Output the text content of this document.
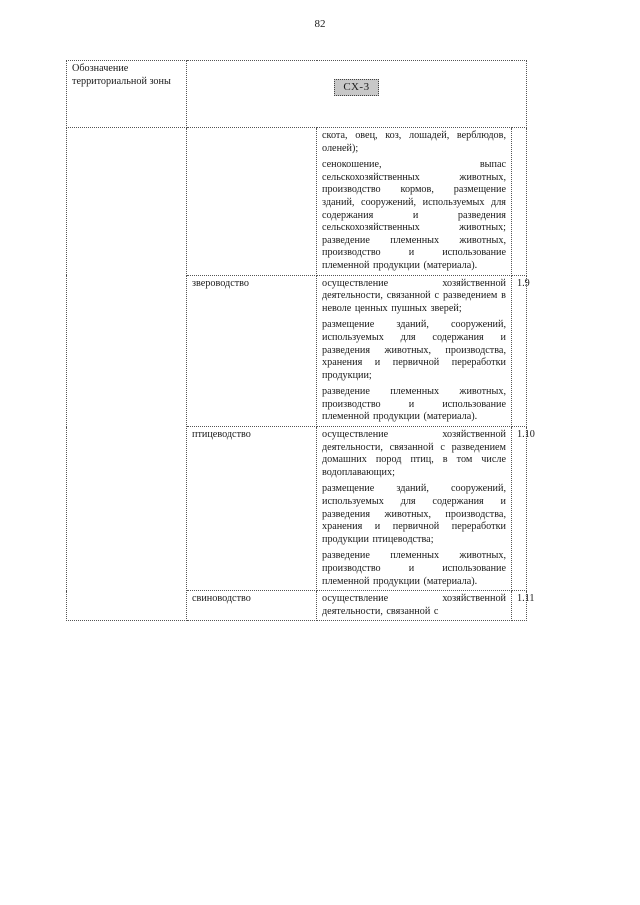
82
Обозначение территориальной зоны	СХ-3		

		скота, овец, коз, лошадей, верблюдов, оленей);

сенокошение, выпас сельскохозяйственных животных, производство кормов, размещение зданий, сооружений, используемых для содержания и разведения сельскохозяйственных животных; разведение племенных животных, производство и использование племенной продукции (материала).	

	звероводство	осуществление хозяйственной деятельности, связанной с разведением в неволе ценных пушных зверей;

размещение зданий, сооружений, используемых для содержания и разведения животных, производства, хранения и первичной переработки продукции;

разведение племенных животных, производство и использование племенной продукции (материала).	1.9
	птицеводство	осуществление хозяйственной деятельности, связанной с разведением домашних пород птиц, в том числе водоплавающих;

размещение зданий, сооружений, используемых для содержания и разведения животных, производства, хранения и первичной переработки продукции птицеводства;

разведение племенных животных, производство и использование племенной продукции (материала).	1.10
	свиноводство	осуществление хозяйственной деятельности, связанной с	1.11
